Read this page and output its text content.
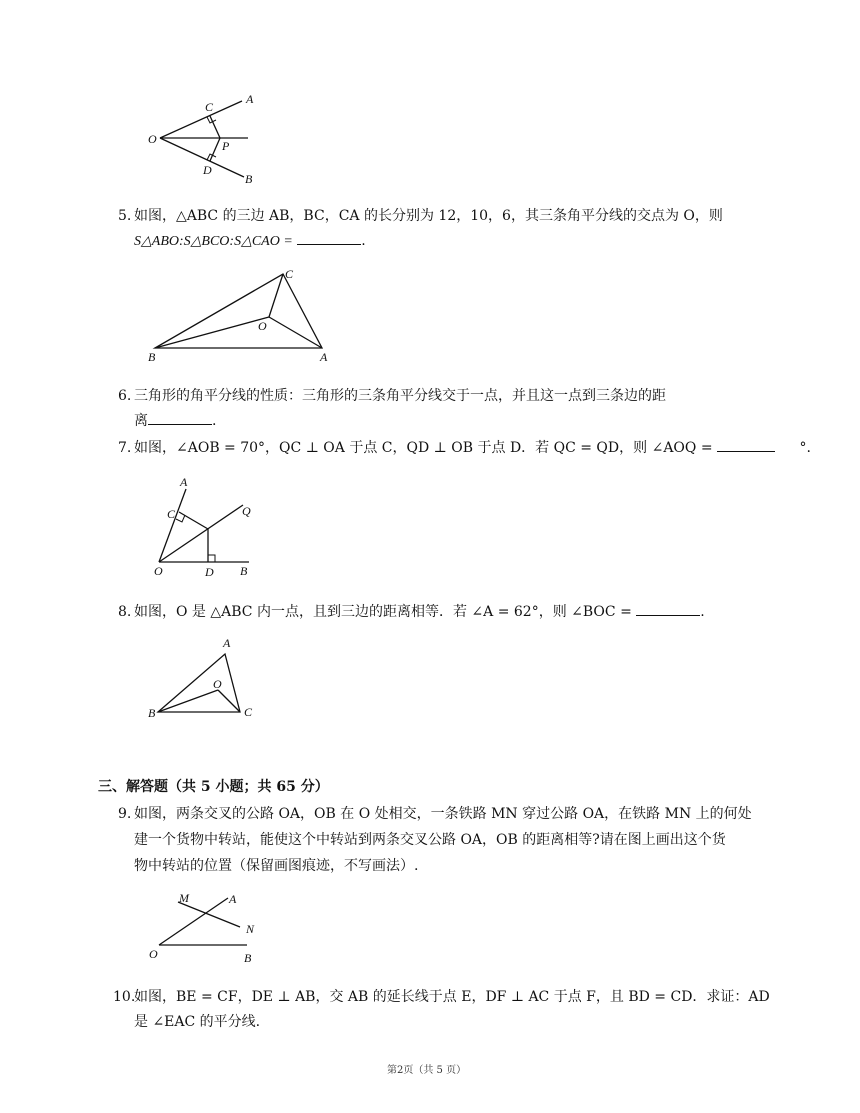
C
A
O	P
D
B
5. 如图，△ABC 的三边 AB，BC，CA 的长分别为 12，10，6，其三条角平分线的交点为 O，则
S△ABO:S△BCO:S△CAO =	.
C
O
B	A
6. 三角形的角平分线的性质：三角形的三条角平分线交于一点，并且这一点到三条边的距
离	.
7. 如图，∠AOB = 70°，QC ⊥ OA 于点 C，QD ⊥ OB 于点 D．若 QC = QD，则 ∠AOQ =	°.
A
Q
C
O	D B
8. 如图，O 是 △ABC 内一点，且到三边的距离相等．若 ∠A = 62°，则 ∠BOC =	.
A
O
B	C
三、解答题（共 5 小题；共 65 分）
9. 如图，两条交叉的公路 OA，OB 在 O 处相交，一条铁路 MN 穿过公路 OA，在铁路 MN 上的何处
建一个货物中转站，能使这个中转站到两条交叉公路 OA，OB 的距离相等?请在图上画出这个货
物中转站的位置（保留画图痕迹，不写画法）.
M	A
N
O	B
10.
如图，BE = CF，DE ⊥ AB，交 AB 的延长线于点 E，DF ⊥ AC 于点 F，且 BD = CD．求证：AD
是 ∠EAC 的平分线.
第2页（共 5 页）
